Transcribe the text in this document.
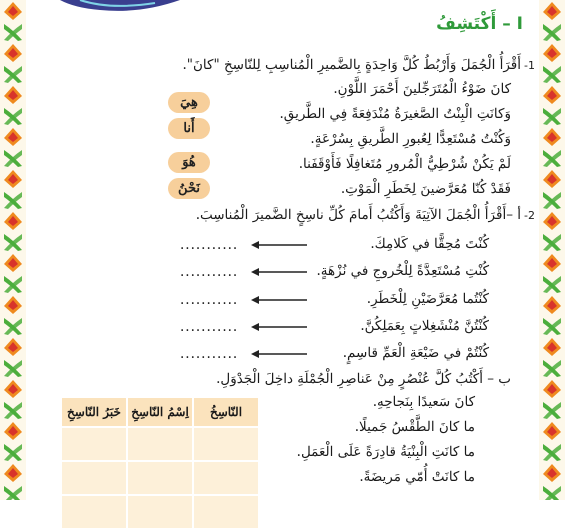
I – أَكْتَشِفُ
1-أَقْرَأُ الْجُمَلَ وَأَرْبُطُ كُلَّ وَاحِدَةٍ بِالضَّميرِ الْمُناسِبِ لِلنّاسِخِ "كانَ".
كانَ ضَوْءُ الْمُتَرَجِّلينَ أَحْمَرَ اللَّوْنِ.
وَكانَتِ الْبِنْتُ الصَّغيرَةُ مُنْدَفِعَةً فِي الطَّريقِ.
وَكُنْتُ مُسْتَعِدًّا لِعُبورِ الطَّريقِ بِسُرْعَةٍ.
لَمْ يَكُنْ شُرْطِيُّ الْمُرورِ مُتَغافِلًا فَأَوْقَفَنا.
فَقَدْ كُنّا مُعَرَّضينَ لِخَطَرِ الْمَوْتِ.
هِيَ
أَنا
هُوَ
نَحْنُ
2-أ –أَقْرَأُ الْجُمَلَ الآتِيَةَ وَأَكْتُبُ أَمامَ كُلِّ ناسِخٍ الضَّميرَ الْمُناسِبَ.
كُنْتَ مُحِقًّا في كَلامِكَ.
كُنْتِ مُسْتَعِدَّةً لِلْخُروجِ في نُزْهَةٍ.
كُنْتُما مُعَرَّضَيْنِ لِلْخَطَرِ.
كُنْتُنَّ مُنْشَغِلاتٍ بِعَمَلِكُنَّ.
كُنْتُمْ في ضَيْعَةِ الْعَمِّ قاسِمٍ.
...........
...........
...........
...........
...........
ب – أَكْتُبُ كُلَّ عُنْصُرٍ مِنْ عَناصِرِ الْجُمْلَةِ داخِلَ الْجَدْوَلِ.
كانَ سَعيدًا بِنَجاحِهِ.
ما كانَ الطَّقْسُ جَميلًا.
ما كانَتِ الْبِنْيَةُ قادِرَةً عَلَى الْعَمَلِ.
ما كانَتْ أُمّي مَريضَةً.
النّاسِخُ	اِسْمُ النّاسِخِ	خَبَرُ النّاسِخِ
